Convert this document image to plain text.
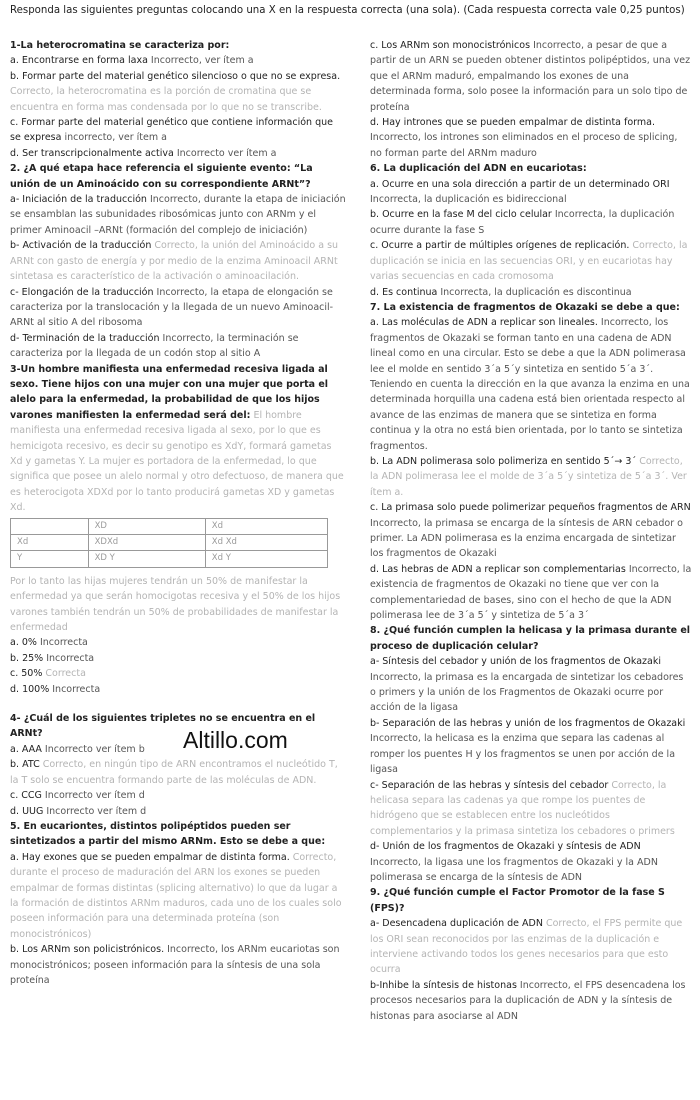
Responda las siguientes preguntas colocando una X en la respuesta correcta (una sola). (Cada respuesta correcta vale 0,25 puntos)

1-La heterocromatina se caracteriza por:

a. Encontrarse en forma laxa Incorrecto, ver ítem a

b. Formar parte del material genético silencioso o que no se expresa. Correcto, la heterocromatina es la porción de cromatina que se encuentra en forma mas condensada por lo que no se transcribe.

c. Formar parte del material genético que contiene información que se expresa incorrecto, ver ítem a

d. Ser transcripcionalmente activa Incorrecto ver ítem a

2. ¿A qué etapa hace referencia el siguiente evento: “La unión de un Aminoácido con su correspondiente ARNt”?

a- Iniciación de la traducción Incorrecto, durante la etapa de iniciación se ensamblan las subunidades ribosómicas junto con ARNm y el primer Aminoacil –ARNt (formación del complejo de iniciación)

b- Activación de la traducción Correcto, la unión del Aminoácido a su ARNt con gasto de energía y por medio de la enzima Aminoacil ARNt sintetasa es característico de la activación o aminoacilación.

c- Elongación de la traducción Incorrecto, la etapa de elongación se caracteriza por la translocación y la llegada de un nuevo Aminoacil- ARNt al sitio A del ribosoma

d- Terminación de la traducción Incorrecto, la terminación se caracteriza por la llegada de un codón stop al sitio A

3-Un hombre manifiesta una enfermedad recesiva ligada al sexo. Tiene hijos con una mujer con una mujer que porta el alelo para la enfermedad, la probabilidad de que los hijos varones manifiesten la enfermedad será del: El hombre manifiesta una enfermedad recesiva ligada al sexo, por lo que es hemicigota recesivo, es decir su genotipo es XdY, formará gametas Xd y gametas Y. La mujer es portadora de la enfermedad, lo que significa que posee un alelo normal y otro defectuoso, de manera que es heterocigota XDXd por lo tanto producirá gametas XD y gametas Xd.

	XD	Xd
Xd	XDXd	Xd Xd
Y	XD Y	Xd Y

Por lo tanto las hijas mujeres tendrán un 50% de manifestar la enfermedad ya que serán homocigotas recesiva y el 50% de los hijos varones también tendrán un 50% de probabilidades de manifestar la enfermedad

a. 0% Incorrecta

b. 25% Incorrecta

c. 50% Correcta

d. 100% Incorrecta

4- ¿Cuál de los siguientes tripletes no se encuentra en el ARNt?

a. AAA Incorrecto ver ítem b

b. ATC Correcto, en ningún tipo de ARN encontramos el nucleótido T, la T solo se encuentra formando parte de las moléculas de ADN.

c. CCG Incorrecto ver ítem d

d. UUG Incorrecto ver ítem d

5. En eucariontes, distintos polipéptidos pueden ser sintetizados a partir del mismo ARNm. Esto se debe a que:

a. Hay exones que se pueden empalmar de distinta forma. Correcto, durante el proceso de maduración del ARN los exones se pueden empalmar de formas distintas (splicing alternativo) lo que da lugar a la formación de distintos ARNm maduros, cada uno de los cuales solo poseen información para una determinada proteína (son monocistrónicos)

b. Los ARNm son policistrónicos. Incorrecto, los ARNm eucariotas son monocistrónicos; poseen información para la síntesis de una sola proteína

c. Los ARNm son monocistrónicos Incorrecto, a pesar de que a partir de un ARN se pueden obtener distintos polipéptidos, una vez que el ARNm maduró, empalmando los exones de una determinada forma, solo posee la información para un solo tipo de proteína

d. Hay intrones que se pueden empalmar de distinta forma. Incorrecto, los intrones son eliminados en el proceso de splicing, no forman parte del ARNm maduro

6. La duplicación del ADN en eucariotas:

a. Ocurre en una sola dirección a partir de un determinado ORI Incorrecta, la duplicación es bidireccional

b. Ocurre en la fase M del ciclo celular Incorrecta, la duplicación ocurre durante la fase S

c. Ocurre a partir de múltiples orígenes de replicación. Correcto, la duplicación se inicia en las secuencias ORI, y en eucariotas hay varias secuencias en cada cromosoma

d. Es continua Incorrecta, la duplicación es discontinua

7. La existencia de fragmentos de Okazaki se debe a que:

a. Las moléculas de ADN a replicar son lineales. Incorrecto, los fragmentos de Okazaki se forman tanto en una cadena de ADN lineal como en una circular. Esto se debe a que la ADN polimerasa lee el molde en sentido 3´a 5´y sintetiza en sentido 5´a 3´. Teniendo en cuenta la dirección en la que avanza la enzima en una determinada horquilla una cadena está bien orientada respecto al avance de las enzimas de manera que se sintetiza en forma continua y la otra no está bien orientada, por lo tanto se sintetiza fragmentos.

b. La ADN polimerasa solo polimeriza en sentido 5´→ 3´ Correcto, la ADN polimerasa lee el molde de 3´a 5´y sintetiza de 5´a 3´. Ver ítem a.

c. La primasa solo puede polimerizar pequeños fragmentos de ARN Incorrecto, la primasa se encarga de la síntesis de ARN cebador o primer. La ADN polimerasa es la enzima encargada de sintetizar los fragmentos de Okazaki

d. Las hebras de ADN a replicar son complementarias Incorrecto, la existencia de fragmentos de Okazaki no tiene que ver con la complementariedad de bases, sino con el hecho de que la ADN polimerasa lee de 3´a 5´ y sintetiza de 5´a 3´

8. ¿Qué función cumplen la helicasa y la primasa durante el proceso de duplicación celular?

a- Síntesis del cebador y unión de los fragmentos de Okazaki Incorrecto, la primasa es la encargada de sintetizar los cebadores o primers y la unión de los Fragmentos de Okazaki ocurre por acción de la ligasa

b- Separación de las hebras y unión de los fragmentos de Okazaki Incorrecto, la helicasa es la enzima que separa las cadenas al romper los puentes H y los fragmentos se unen por acción de la ligasa

c- Separación de las hebras y síntesis del cebador Correcto, la helicasa separa las cadenas ya que rompe los puentes de hidrógeno que se establecen entre los nucleótidos complementarios y la primasa sintetiza los cebadores o primers

d- Unión de los fragmentos de Okazaki y síntesis de ADN Incorrecto, la ligasa une los fragmentos de Okazaki y la ADN polimerasa se encarga de la síntesis de ADN

9. ¿Qué función cumple el Factor Promotor de la fase S (FPS)?

a- Desencadena duplicación de ADN Correcto, el FPS permite que los ORI sean reconocidos por las enzimas de la duplicación e interviene activando todos los genes necesarios para que esto ocurra

b-Inhibe la síntesis de histonas Incorrecto, el FPS desencadena los procesos necesarios para la duplicación de ADN y la síntesis de histonas para asociarse al ADN

Altillo.com
